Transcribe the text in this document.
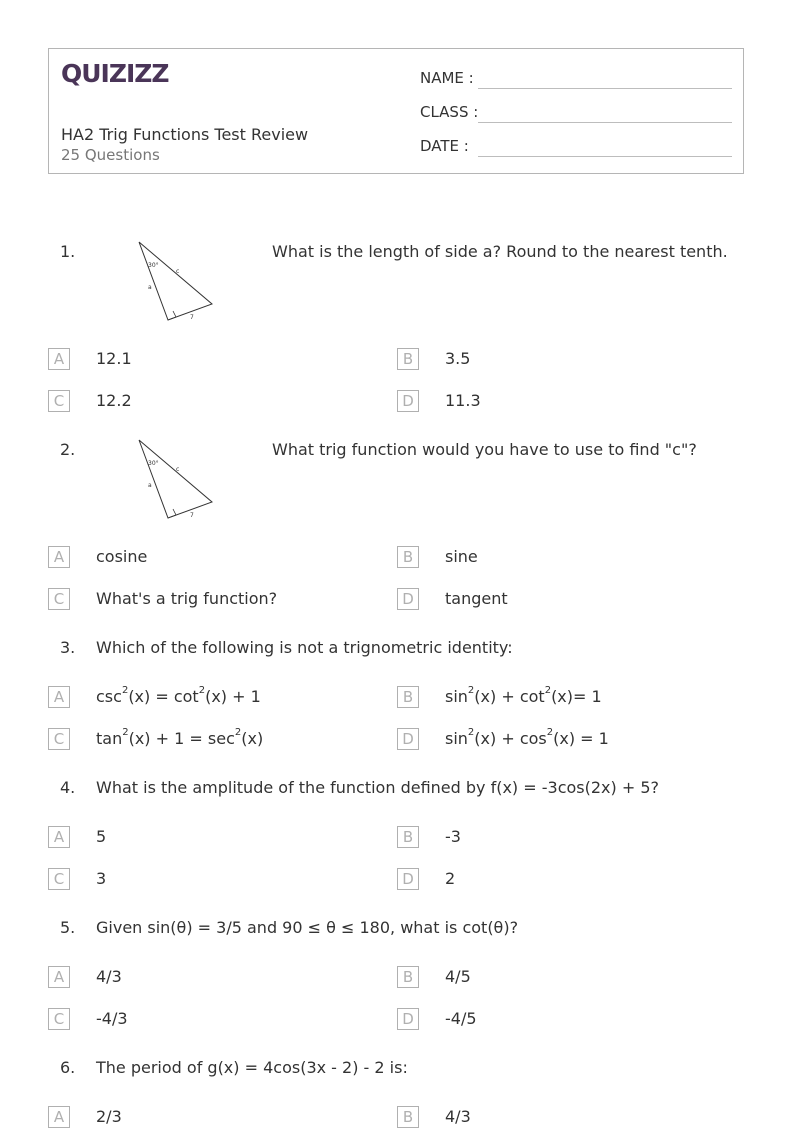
QUIZIZZ
HA2 Trig Functions Test Review
25 Questions
NAME :
CLASS :
DATE :
1.
30°
c
a
7
What is the length of side a? Round to the nearest tenth.
A	12.1	B	3.5
C	12.2	D	11.3
2.
30°
c
a
7
What trig function would you have to use to find "c"?
A	cosine	B	sine
C	What's a trig function?	D	tangent
3. Which of the following is not a trignometric identity:
A	$\csc^2(x) = \cot^2(x) + 1$	B	$\sin^2(x) + \cot^2(x)= 1$
C	$\tan^2(x) + 1 = \sec^2(x)$	D	$\sin^2(x) + \cos^2(x) = 1$
4. What is the amplitude of the function defined by f(x) = -3cos(2x) + 5?
A	5	B	-3
C	3	D	2
5. Given sin(θ) = 3/5 and 90 ≤ θ ≤ 180, what is cot(θ)?
A	4/3	B	4/5
C	-4/3	D	-4/5
6. The period of g(x) = 4cos(3x - 2) - 2 is:
A	2/3	B	4/3
